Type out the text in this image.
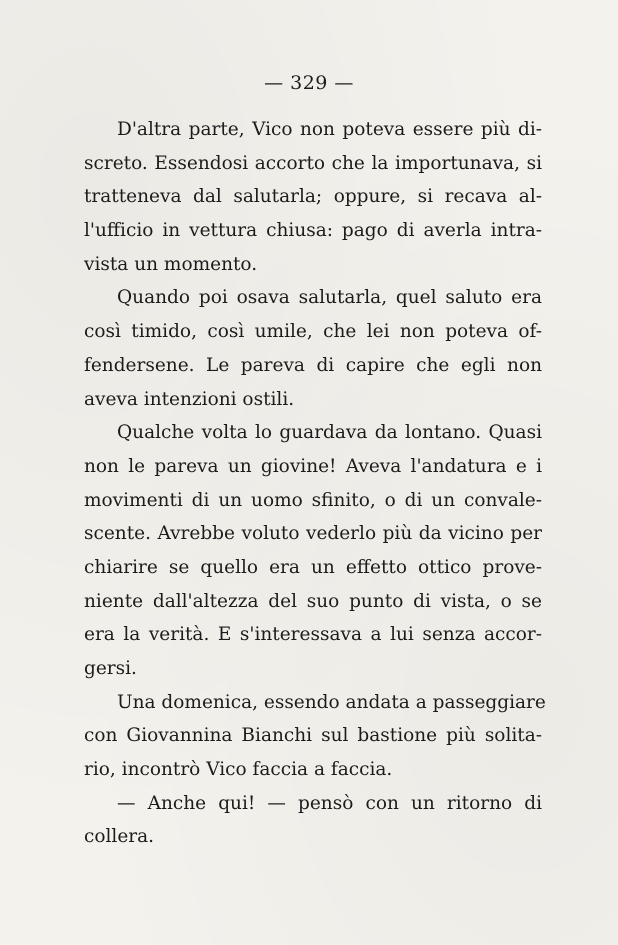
— 329 —
D'altra parte, Vico non poteva essere più di-
screto. Essendosi accorto che la importunava, si
tratteneva dal salutarla; oppure, si recava al-
l'ufficio in vettura chiusa: pago di averla intra-
vista un momento.
Quando poi osava salutarla, quel saluto era
così timido, così umile, che lei non poteva of-
fendersene. Le pareva di capire che egli non
aveva intenzioni ostili.
Qualche volta lo guardava da lontano. Quasi
non le pareva un giovine! Aveva l'andatura e i
movimenti di un uomo sfinito, o di un convale-
scente. Avrebbe voluto vederlo più da vicino per
chiarire se quello era un effetto ottico prove-
niente dall'altezza del suo punto di vista, o se
era la verità. E s'interessava a lui senza accor-
gersi.
Una domenica, essendo andata a passeggiare
con Giovannina Bianchi sul bastione più solita-
rio, incontrò Vico faccia a faccia.
— Anche qui! — pensò con un ritorno di
collera.
